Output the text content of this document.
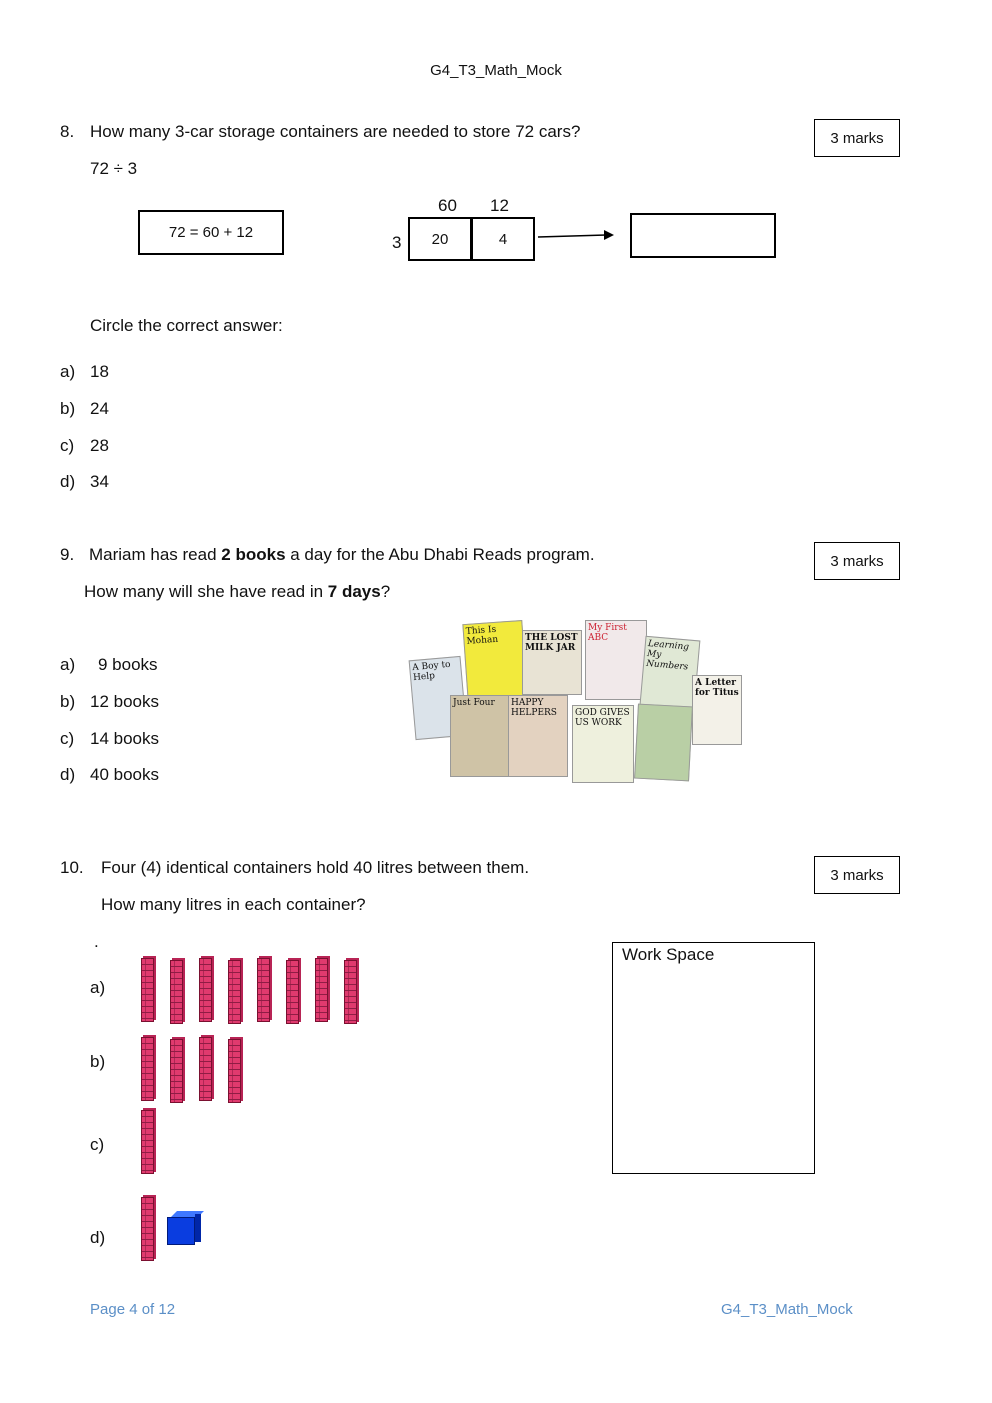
G4_T3_Math_Mock
8. How many 3-car storage containers are needed to store 72 cars?	3 marks
72 ÷ 3
72 = 60 + 12
60 12
3	20	4
Circle the correct answer:
a) 18
b) 24
c) 28
d) 34
9. Mariam has read 2 books a day for the Abu Dhabi Reads program.	3 marks
How many will she have read in 7 days?
a) 9 books
b) 12 books
c) 14 books
d) 40 books
This Is Mohan	THE LOST MILK JAR
My First ABC
A Boy to Help
Learning My Numbers
Just Four	HAPPY HELPERS	GOD GIVES US WORK
A Letter for Titus
10. Four (4) identical containers hold 40 litres between them.	3 marks
How many litres in each container?
.
a)
b)
c)
d)
Work Space
Page 4 of 12	G4_T3_Math_Mock
